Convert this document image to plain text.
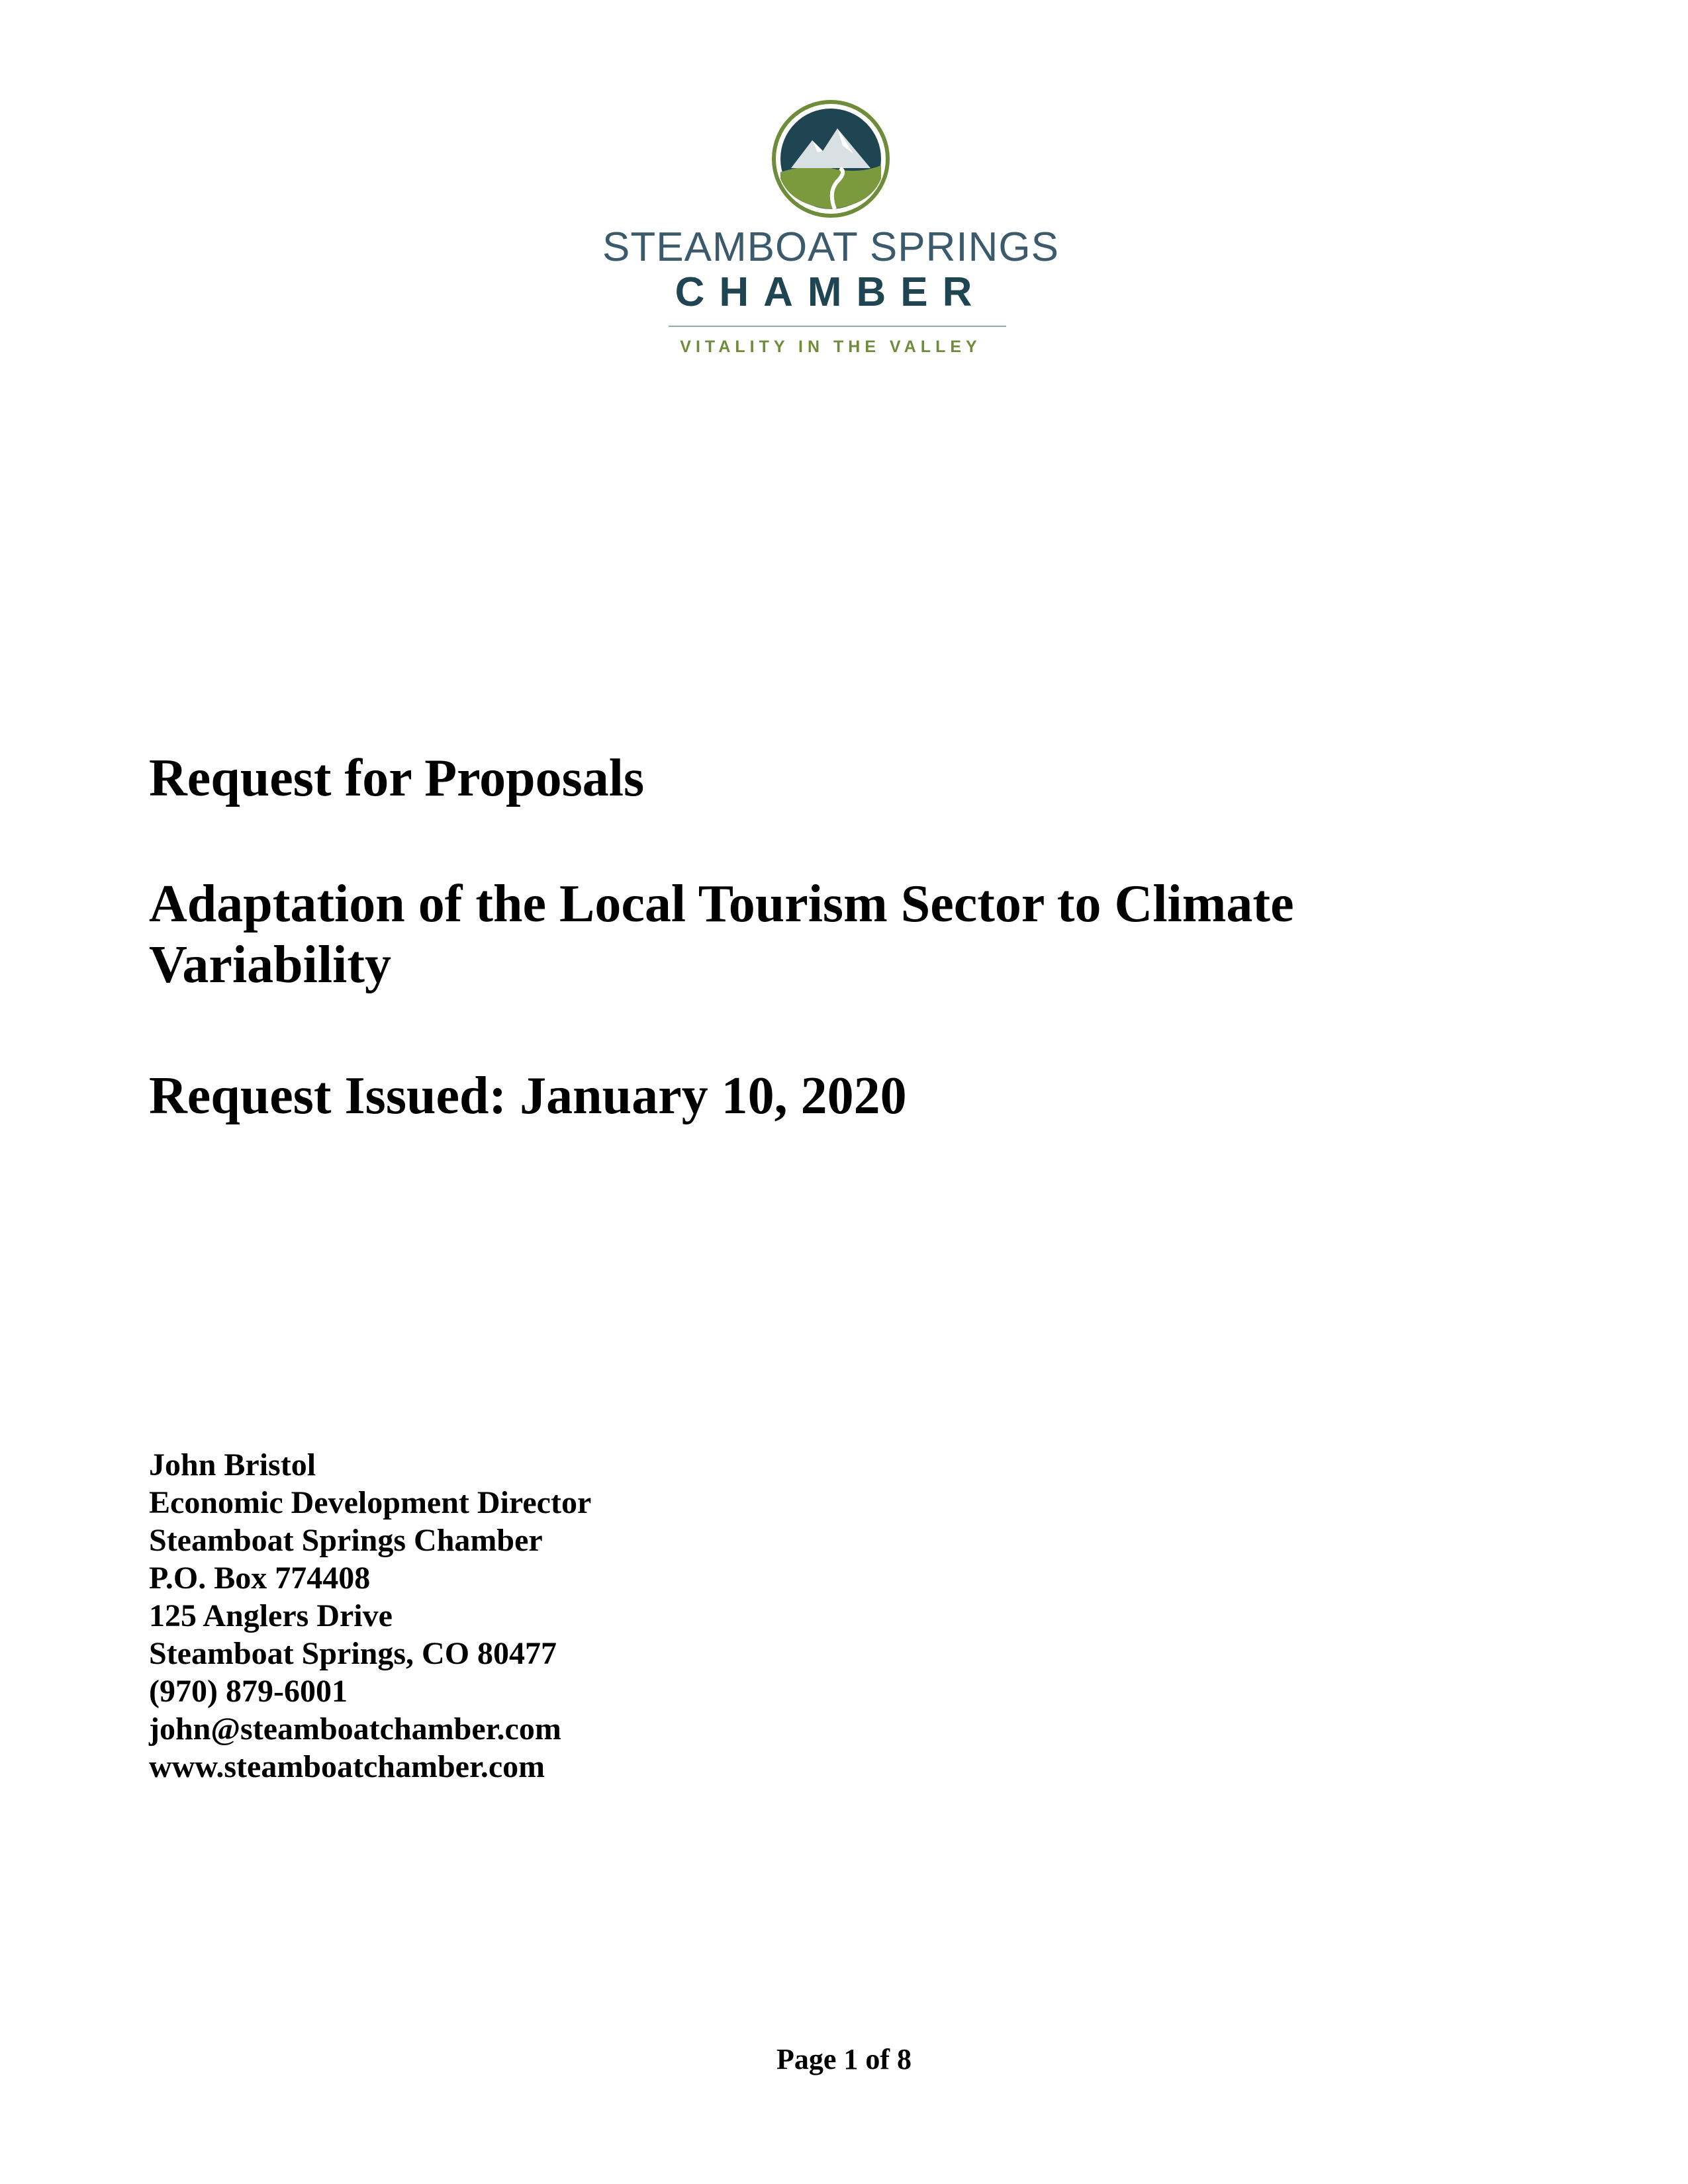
STEAMBOAT SPRINGS
CHAMBER
VITALITY IN THE VALLEY
Request for Proposals
Adaptation of the Local Tourism Sector to Climate
Variability
Request Issued: January 10, 2020
John Bristol
Economic Development Director
Steamboat Springs Chamber
P.O. Box 774408
125 Anglers Drive
Steamboat Springs, CO 80477
(970) 879-6001
john@steamboatchamber.com
www.steamboatchamber.com
Page 1 of 8
